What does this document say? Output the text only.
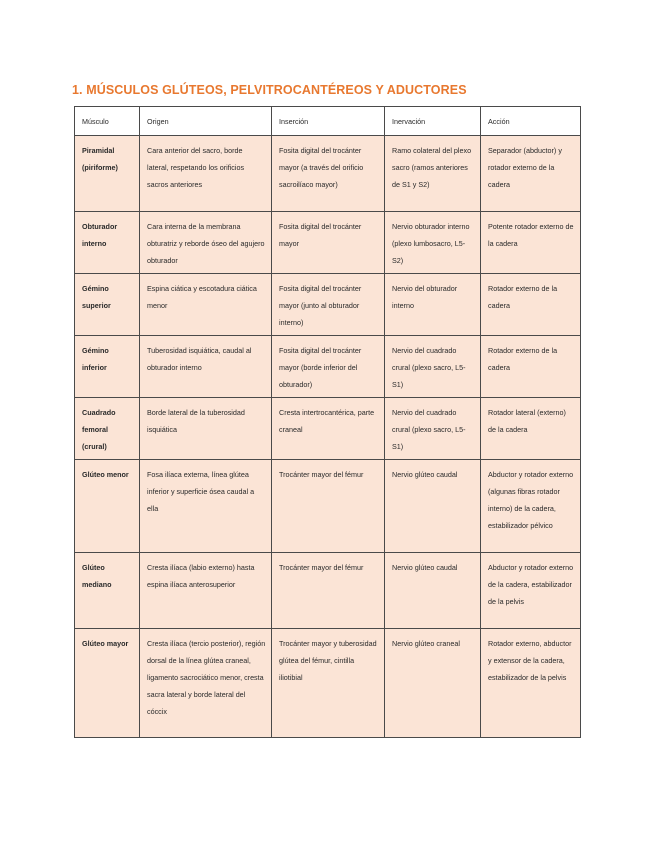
1. MÚSCULOS GLÚTEOS, PELVITROCANTÉREOS Y ADUCTORES
Músculo	Origen	Inserción	Inervación	Acción
Piramidal (piriforme)	Cara anterior del sacro, borde lateral, respetando los orificios sacros anteriores	Fosita digital del trocánter mayor (a través del orificio sacroilíaco mayor)	Ramo colateral del plexo sacro (ramos anteriores de S1 y S2)	Separador (abductor) y rotador externo de la cadera
Obturador interno	Cara interna de la membrana obturatriz y reborde óseo del agujero obturador	Fosita digital del trocánter mayor	Nervio obturador interno (plexo lumbosacro, L5-S2)	Potente rotador externo de la cadera
Gémino superior	Espina ciática y escotadura ciática menor	Fosita digital del trocánter mayor (junto al obturador interno)	Nervio del obturador interno	Rotador externo de la cadera
Gémino inferior	Tuberosidad isquiática, caudal al obturador interno	Fosita digital del trocánter mayor (borde inferior del obturador)	Nervio del cuadrado crural (plexo sacro, L5-S1)	Rotador externo de la cadera
Cuadrado femoral (crural)	Borde lateral de la tuberosidad isquiática	Cresta intertrocantérica, parte craneal	Nervio del cuadrado crural (plexo sacro, L5-S1)	Rotador lateral (externo) de la cadera
Glúteo menor	Fosa ilíaca externa, línea glútea inferior y superficie ósea caudal a ella	Trocánter mayor del fémur	Nervio glúteo caudal	Abductor y rotador externo (algunas fibras rotador interno) de la cadera, estabilizador pélvico
Glúteo mediano	Cresta ilíaca (labio externo) hasta espina ilíaca anterosuperior	Trocánter mayor del fémur	Nervio glúteo caudal	Abductor y rotador externo de la cadera, estabilizador de la pelvis
Glúteo mayor	Cresta ilíaca (tercio posterior), región dorsal de la línea glútea craneal, ligamento sacrociático menor, cresta sacra lateral y borde lateral del cóccix	Trocánter mayor y tuberosidad glútea del fémur, cintilla iliotibial	Nervio glúteo craneal	Rotador externo, abductor y extensor de la cadera, estabilizador de la pelvis
